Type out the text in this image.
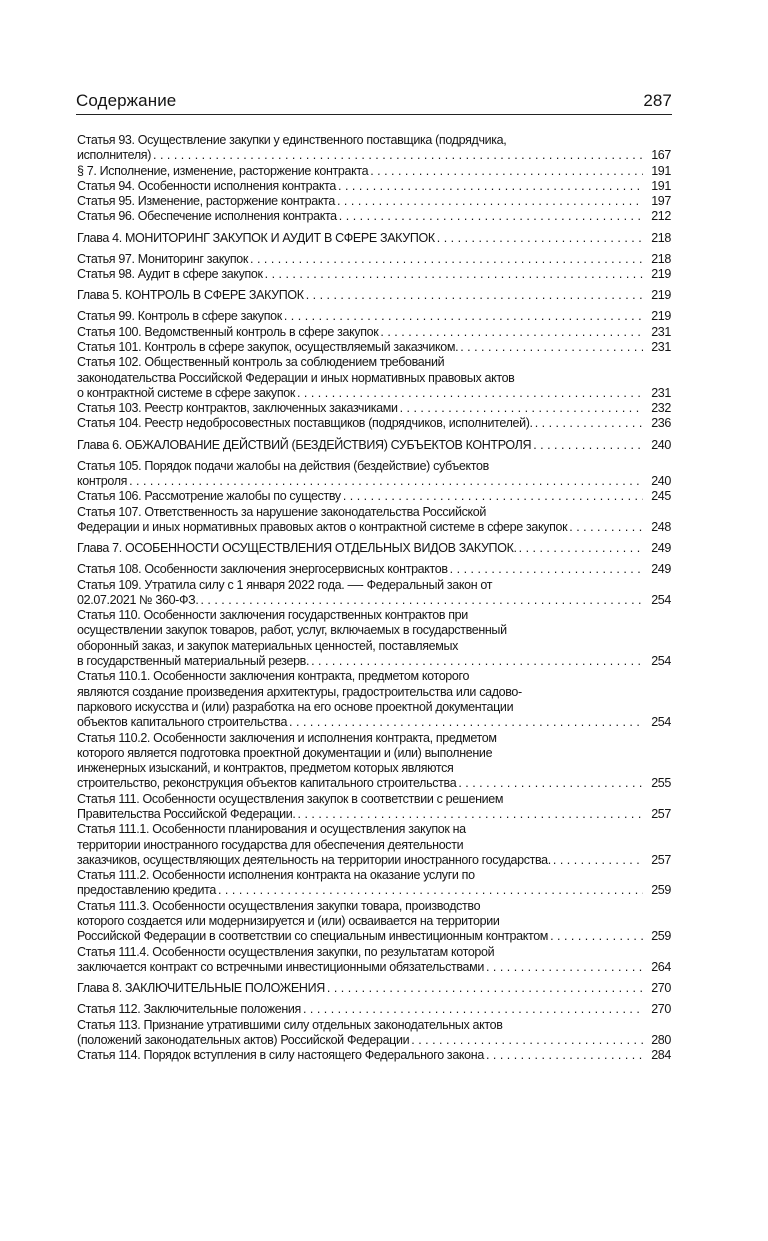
Содержание	287
Статья 93. Осуществление закупки у единственного поставщика (подрядчика,
исполнителя) . . .	167
§ 7. Исполнение, изменение, расторжение контракта . . .	191
Статья 94. Особенности исполнения контракта . . .	191
Статья 95. Изменение, расторжение контракта . . .	197
Статья 96. Обеспечение исполнения контракта . . .	212
Глава 4. МОНИТОРИНГ ЗАКУПОК И АУДИТ В СФЕРЕ ЗАКУПОК . . .	218
Статья 97. Мониторинг закупок . . .	218
Статья 98. Аудит в сфере закупок . . .	219
Глава 5. КОНТРОЛЬ В СФЕРЕ ЗАКУПОК . . .	219
Статья 99. Контроль в сфере закупок . . .	219
Статья 100. Ведомственный контроль в сфере закупок . . .	231
Статья 101. Контроль в сфере закупок, осуществляемый заказчиком. . . .	231
Статья 102. Общественный контроль за соблюдением требований
законодательства Российской Федерации и иных нормативных правовых актов
о контрактной системе в сфере закупок . . .	231
Статья 103. Реестр контрактов, заключенных заказчиками . . .	232
Статья 104. Реестр недобросовестных поставщиков (подрядчиков, исполнителей). . . .	236
Глава 6. ОБЖАЛОВАНИЕ ДЕЙСТВИЙ (БЕЗДЕЙСТВИЯ) СУБЪЕКТОВ КОНТРОЛЯ . . .	240
Статья 105. Порядок подачи жалобы на действия (бездействие) субъектов
контроля . . .	240
Статья 106. Рассмотрение жалобы по существу . . .	245
Статья 107. Ответственность за нарушение законодательства Российской
Федерации и иных нормативных правовых актов о контрактной системе в сфере закупок . . .	248
Глава 7. ОСОБЕННОСТИ ОСУЩЕСТВЛЕНИЯ ОТДЕЛЬНЫХ ВИДОВ ЗАКУПОК. . . .	249
Статья 108. Особенности заключения энергосервисных контрактов . . .	249
Статья 109. Утратила силу с 1 января 2022 года. —- Федеральный закон от
02.07.2021 № 360-ФЗ. . . .	254
Статья 110. Особенности заключения государственных контрактов при
осуществлении закупок товаров, работ, услуг, включаемых в государственный
оборонный заказ, и закупок материальных ценностей, поставляемых
в государственный материальный резерв. . . .	254
Статья 110.1. Особенности заключения контракта, предметом которого
являются создание произведения архитектуры, градостроительства или садово-
паркового искусства и (или) разработка на его основе проектной документации
объектов капитального строительства . . .	254
Статья 110.2. Особенности заключения и исполнения контракта, предметом
которого является подготовка проектной документации и (или) выполнение
инженерных изысканий, и контрактов, предметом которых являются
строительство, реконструкция объектов капитального строительства . . .	255
Статья 111. Особенности осуществления закупок в соответствии с решением
Правительства Российской Федерации. . . .	257
Статья 111.1. Особенности планирования и осуществления закупок на
территории иностранного государства для обеспечения деятельности
заказчиков, осуществляющих деятельность на территории иностранного государства. . . .	257
Статья 111.2. Особенности исполнения контракта на оказание услуги по
предоставлению кредита . . .	259
Статья 111.3. Особенности осуществления закупки товара, производство
которого создается или модернизируется и (или) осваивается на территории
Российской Федерации в соответствии со специальным инвестиционным контрактом . . .	259
Статья 111.4. Особенности осуществления закупки, по результатам которой
заключается контракт со встречными инвестиционными обязательствами . . .	264
Глава 8. ЗАКЛЮЧИТЕЛЬНЫЕ ПОЛОЖЕНИЯ . . .	270
Статья 112. Заключительные положения . . .	270
Статья 113. Признание утратившими силу отдельных законодательных актов
(положений законодательных актов) Российской Федерации . . .	280
Статья 114. Порядок вступления в силу настоящего Федерального закона . . .	284
